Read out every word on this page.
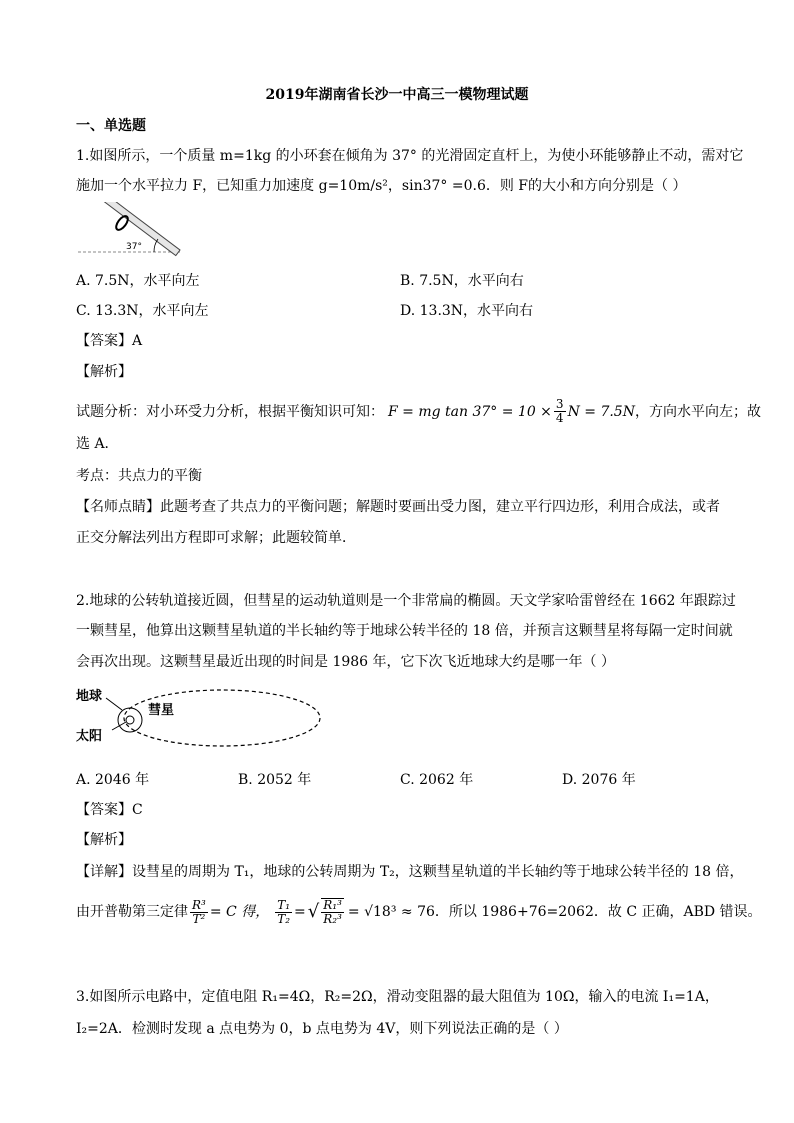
2019年湖南省长沙一中高三一模物理试题
一、单选题
1.如图所示，一个质量 m=1kg 的小环套在倾角为 37° 的光滑固定直杆上，为使小环能够静止不动，需对它
施加一个水平拉力 F，已知重力加速度 g=10m/s²，sin37° =0.6．则 F的大小和方向分别是（ ）
37°
A. 7.5N，水平向左	B. 7.5N，水平向右
C. 13.3N，水平向左	D. 13.3N，水平向右
【答案】A
【解析】
试题分析：对小环受力分析，根据平衡知识可知： F = mg $\tan 37^\circ = 10 \times \frac{3}{4}$ N = 7.5N ，方向水平向左；故
选 A．
考点：共点力的平衡
【名师点睛】此题考查了共点力的平衡问题；解题时要画出受力图，建立平行四边形，利用合成法，或者
正交分解法列出方程即可求解；此题较简单．
2.地球的公转轨道接近圆，但彗星的运动轨道则是一个非常扁的椭圆。天文学家哈雷曾经在 1662 年跟踪过
一颗彗星，他算出这颗彗星轨道的半长轴约等于地球公转半径的 18 倍，并预言这颗彗星将每隔一定时间就
会再次出现。这颗彗星最近出现的时间是 1986 年，它下次飞近地球大约是哪一年（ ）
地球
彗星
太阳
A. 2046 年	B. 2052 年	C. 2062 年	D. 2076 年
【答案】C
【解析】
【详解】设彗星的周期为 T₁，地球的公转周期为 T₂，这颗彗星轨道的半长轴约等于地球公转半径的 18 倍，
由开普勒第三定律 $\frac{\text{R³}}{\text{T²}} = C$ 得， $\frac{\text{T₁}}{\text{T₂}}$ = √ $\frac{\text{R₁³}}{\text{R₂³}} = √18^3 \approx 76$ ．所以 1986+76=2062．故 C 正确，ABD 错误。
3.如图所示电路中，定值电阻 R₁=4Ω，R₂=2Ω，滑动变阻器的最大阻值为 10Ω，输入的电流 I₁=1A，
I₂=2A．检测时发现 a 点电势为 0，b 点电势为 4V，则下列说法正确的是（ ）
